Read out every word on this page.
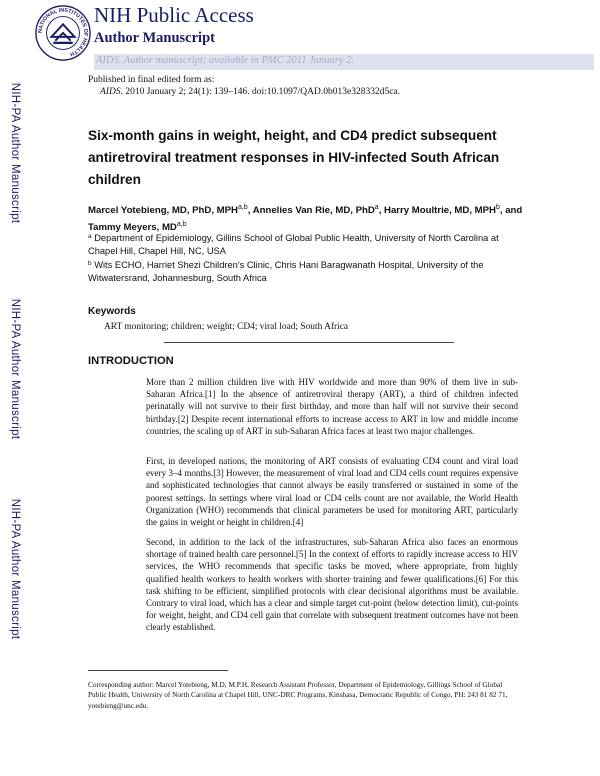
NATIONAL INSTITUTES OF HEALTH
NIH Public Access
Author Manuscript
AIDS. Author manuscript; available in PMC 2011 January 2.
NIH-PA Author Manuscript
NIH-PA Author Manuscript
NIH-PA Author Manuscript
Published in final edited form as:
AIDS. 2010 January 2; 24(1): 139–146. doi:10.1097/QAD.0b013e328332d5ca.
Six-month gains in weight, height, and CD4 predict subsequent antiretroviral treatment responses in HIV-infected South African children
Marcel Yotebieng, MD, PhD, MPH$^{a,b}$, Annelies Van Rie, MD, PhD$^a$, Harry Moultrie, MD, MPH$^b$, and Tammy Meyers, MD$^{a,b}$
$^a$ Department of Epidemiology, Gillins School of Global Public Health, University of North Carolina at Chapel Hill, Chapel Hill, NC, USA
$^b$ Wits ECHO, Harriet Shezi Children's Clinic, Chris Hani Baragwanath Hospital, University of the Witwatersrand, Johannesburg, South Africa
Keywords
ART monitoring; children; weight; CD4; viral load; South Africa
INTRODUCTION
More than 2 million children live with HIV worldwide and more than 90% of them live in sub-Saharan Africa.[1] In the absence of antiretroviral therapy (ART), a third of children infected perinatally will not survive to their first birthday, and more than half will not survive their second birthday.[2] Despite recent international efforts to increase access to ART in low and middle income countries, the scaling up of ART in sub-Saharan Africa faces at least two major challenges.
First, in developed nations, the monitoring of ART consists of evaluating CD4 count and viral load every 3–4 months.[3] However, the measurement of viral load and CD4 cells count requires expensive and sophisticated technologies that cannot always be easily transferred or sustained in some of the poorest settings. In settings where viral load or CD4 cells count are not available, the World Health Organization (WHO) recommends that clinical parameters be used for monitoring ART, particularly the gains in weight or height in children.[4]
Second, in addition to the lack of the infrastructures, sub-Saharan Africa also faces an enormous shortage of trained health care personnel.[5] In the context of efforts to rapidly increase access to HIV services, the WHO recommends that specific tasks be moved, where appropriate, from highly qualified health workers to health workers with shorter training and fewer qualifications.[6] For this task shifting to be efficient, simplified protocols with clear decisional algorithms must be available. Contrary to viral load, which has a clear and simple target cut-point (below detection limit), cut-points for weight, height, and CD4 cell gain that correlate with subsequent treatment outcomes have not been clearly established.
Corresponding author: Marcel Yotebieng, M.D, M.P.H, Research Assistant Professor, Department of Epidemiology, Gillings School of Global Public Health, University of North Carolina at Chapel Hill, UNC-DRC Programs, Kinshasa, Democratic Republic of Congo, PH: 243 81 82 71, yotebieng@unc.edu.
